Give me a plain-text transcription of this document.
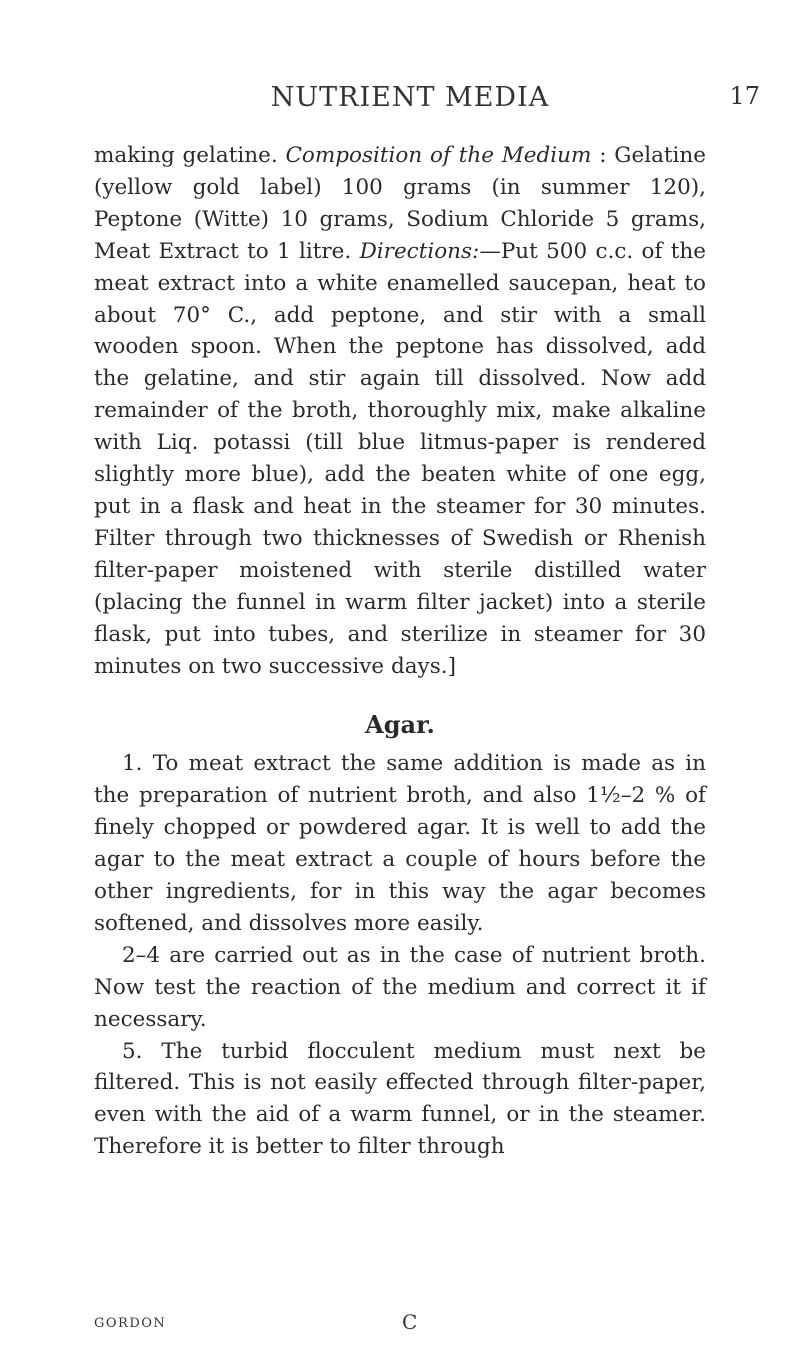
NUTRIENT MEDIA	17

making gelatine. Composition of the Medium : Gelatine (yellow gold label) 100 grams (in summer 120), Peptone (Witte) 10 grams, Sodium Chloride 5 grams, Meat Extract to 1 litre. Directions:—Put 500 c.c. of the meat extract into a white enamelled saucepan, heat to about 70° C., add peptone, and stir with a small wooden spoon. When the peptone has dissolved, add the gelatine, and stir again till dissolved. Now add remainder of the broth, thoroughly mix, make alkaline with Liq. potassi (till blue litmus-paper is rendered slightly more blue), add the beaten white of one egg, put in a flask and heat in the steamer for 30 minutes. Filter through two thicknesses of Swedish or Rhenish filter-paper moistened with sterile distilled water (placing the funnel in warm filter jacket) into a sterile flask, put into tubes, and sterilize in steamer for 30 minutes on two successive days.]

Agar.

1. To meat extract the same addition is made as in the preparation of nutrient broth, and also 1½–2 % of finely chopped or powdered agar. It is well to add the agar to the meat extract a couple of hours before the other ingredients, for in this way the agar becomes softened, and dissolves more easily.

2–4 are carried out as in the case of nutrient broth. Now test the reaction of the medium and correct it if necessary.

5. The turbid flocculent medium must next be filtered. This is not easily effected through filter-paper, even with the aid of a warm funnel, or in the steamer. Therefore it is better to filter through

GORDON	C
